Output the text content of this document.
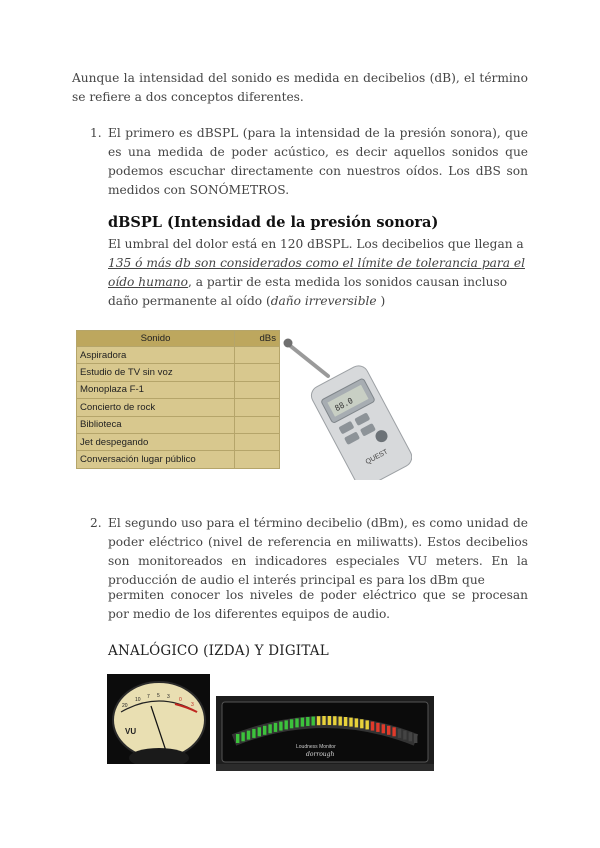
Aunque la intensidad del sonido es medida en decibelios (dB), el término se refiere a dos conceptos diferentes.

1. El primero es dBSPL (para la intensidad de la presión sonora), que es una medida de poder acústico, es decir aquellos sonidos que podemos escuchar directamente con nuestros oídos. Los dBS son medidos con SONÓMETROS.
dBSPL (Intensidad de la presión sonora)

El umbral del dolor está en 120 dBSPL. Los decibelios que llegan a 135 ó más db son considerados como el límite de tolerancia para el oído humano, a partir de esta medida los sonidos causan incluso daño permanente al oído (daño irreversible )

Sonido	dBs
Aspiradora	
Estudio de TV sin voz	
Monoplaza F-1	
Concierto de rock	
Biblioteca	
Jet despegando	
Conversación lugar público	
88.0
QUEST
2. El segundo uso para el término decibelio (dBm), es como unidad de poder eléctrico (nivel de referencia en miliwatts). Estos decibelios son monitoreados en indicadores especiales VU meters. En la producción de audio el interés principal es para los dBm que

permiten conocer los niveles de poder eléctrico que se procesan por medio de los diferentes equipos de audio.

ANALÓGICO (IZDA) Y DIGITAL
20
10 7 5 3 0
3
VU
Loudness Monitor
dorrough
